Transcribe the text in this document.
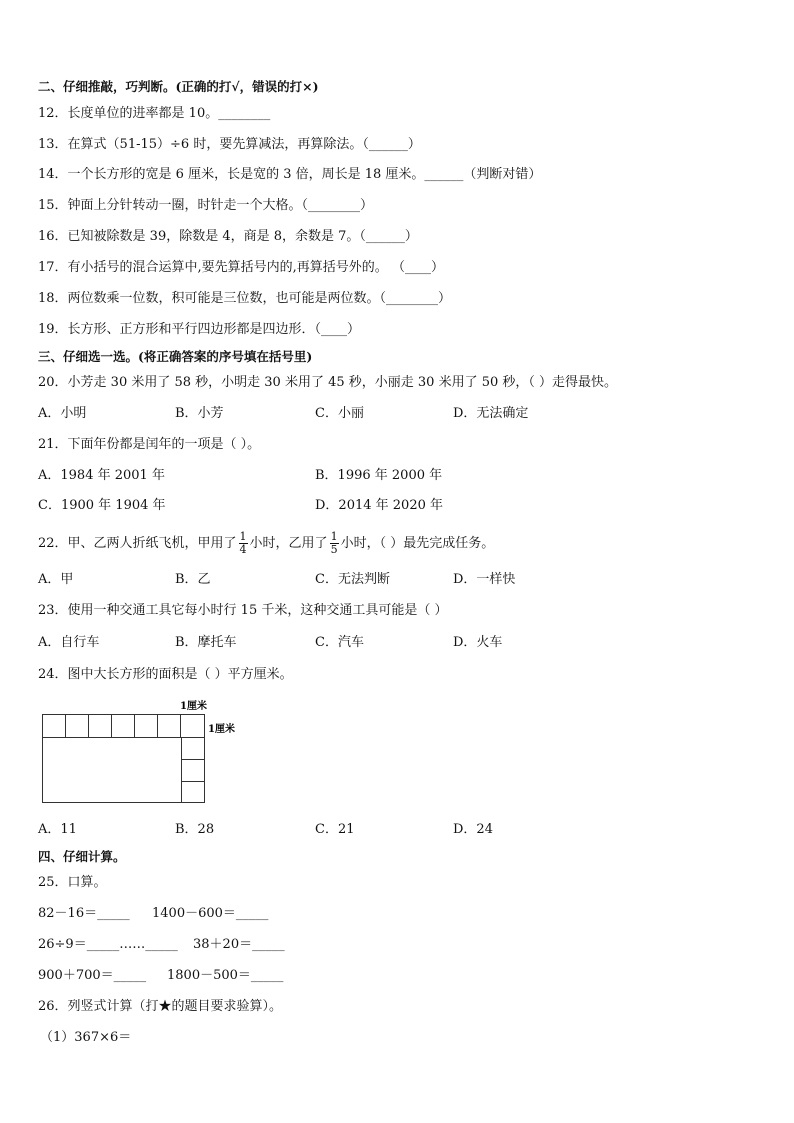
二、仔细推敲，巧判断。(正确的打√，错误的打×)
12．长度单位的进率都是 10。________
13．在算式（51-15）÷6 时，要先算减法，再算除法。（______）
14．一个长方形的宽是 6 厘米，长是宽的 3 倍，周长是 18 厘米。______（判断对错）
15．钟面上分针转动一圈，时针走一个大格。（________）
16．已知被除数是 39，除数是 4，商是 8，余数是 7。（______）
17．有小括号的混合运算中,要先算括号内的,再算括号外的。 （____）
18．两位数乘一位数，积可能是三位数，也可能是两位数。（________）
19．长方形、正方形和平行四边形都是四边形．（____）
三、仔细选一选。(将正确答案的序号填在括号里)
20．小芳走 30 米用了 58 秒，小明走 30 米用了 45 秒，小丽走 30 米用了 50 秒，（ ）走得最快。
A．小明	B．小芳	C．小丽	D．无法确定
21．下面年份都是闰年的一项是（ ）。
A．1984 年 2001 年	B．1996 年 2000 年
C．1900 年 1904 年	D．2014 年 2020 年
22．甲、乙两人折纸飞机，甲用了 $\frac{1}{4}$ 小时，乙用了 $\frac{1}{5}$ 小时，（ ）最先完成任务。
A．甲	B．乙	C．无法判断	D．一样快
23．使用一种交通工具它每小时行 15 千米，这种交通工具可能是（ ）
A．自行车	B．摩托车	C．汽车	D．火车
24．图中大长方形的面积是（ ）平方厘米。
1厘米
1厘米
A．11	B．28	C．21	D．24
四、仔细计算。
25．口算。
82－16＝_____ 1400－600＝_____
26÷9＝_____……_____ 38＋20＝_____
900＋700＝_____ 1800－500＝_____
26．列竖式计算（打★的题目要求验算）。
（1）367×6＝
